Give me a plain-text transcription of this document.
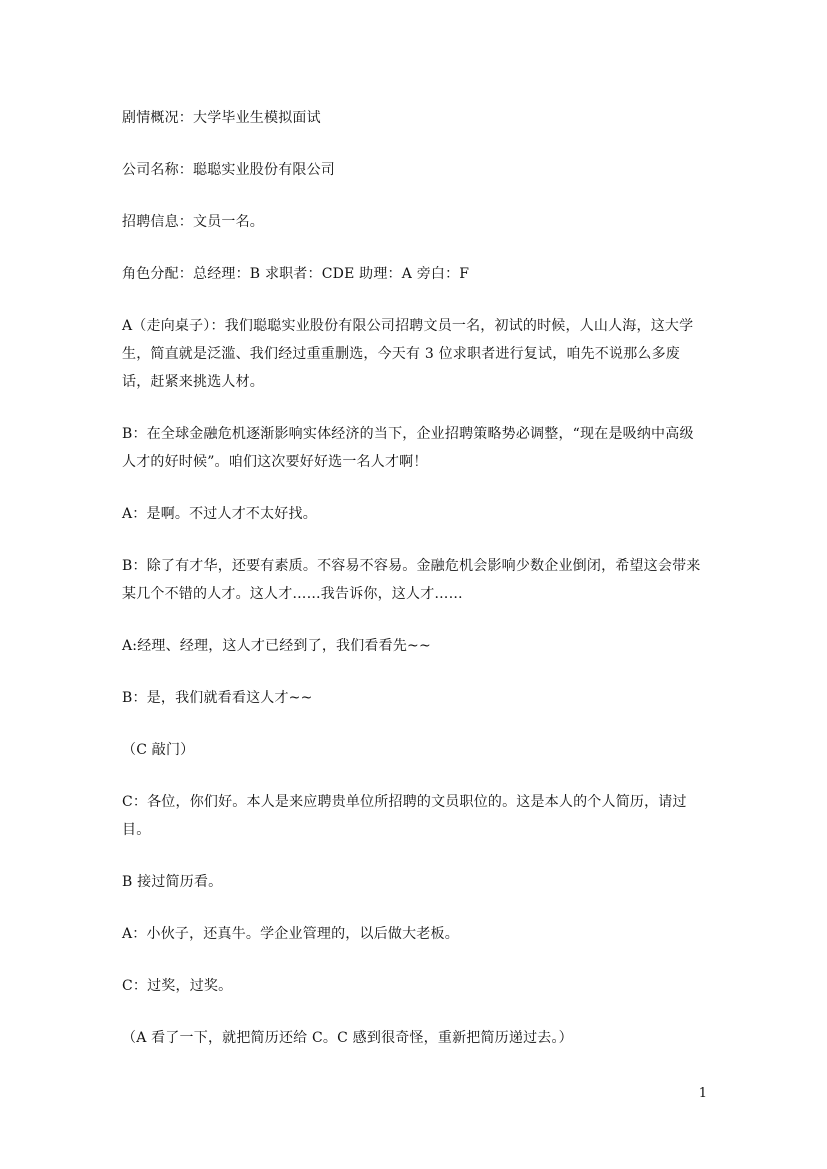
剧情概况：大学毕业生模拟面试

公司名称：聪聪实业股份有限公司

招聘信息：文员一名。

角色分配：总经理：B 求职者：CDE 助理：A 旁白：F

A（走向桌子）：我们聪聪实业股份有限公司招聘文员一名，初试的时候，人山人海，这大学生，简直就是泛滥、我们经过重重删选，今天有 3 位求职者进行复试，咱先不说那么多废话，赶紧来挑选人材。

B：在全球金融危机逐渐影响实体经济的当下，企业招聘策略势必调整，“现在是吸纳中高级人才的好时候”。咱们这次要好好选一名人才啊！

A：是啊。不过人才不太好找。

B：除了有才华，还要有素质。不容易不容易。金融危机会影响少数企业倒闭，希望这会带来某几个不错的人才。这人才……我告诉你，这人才……

A:经理、经理，这人才已经到了，我们看看先~~

B：是，我们就看看这人才~~

（C 敲门）

C：各位，你们好。本人是来应聘贵单位所招聘的文员职位的。这是本人的个人简历，请过目。

B 接过简历看。

A：小伙子，还真牛。学企业管理的，以后做大老板。

C：过奖，过奖。

（A 看了一下，就把简历还给 C。C 感到很奇怪，重新把简历递过去。）

1
